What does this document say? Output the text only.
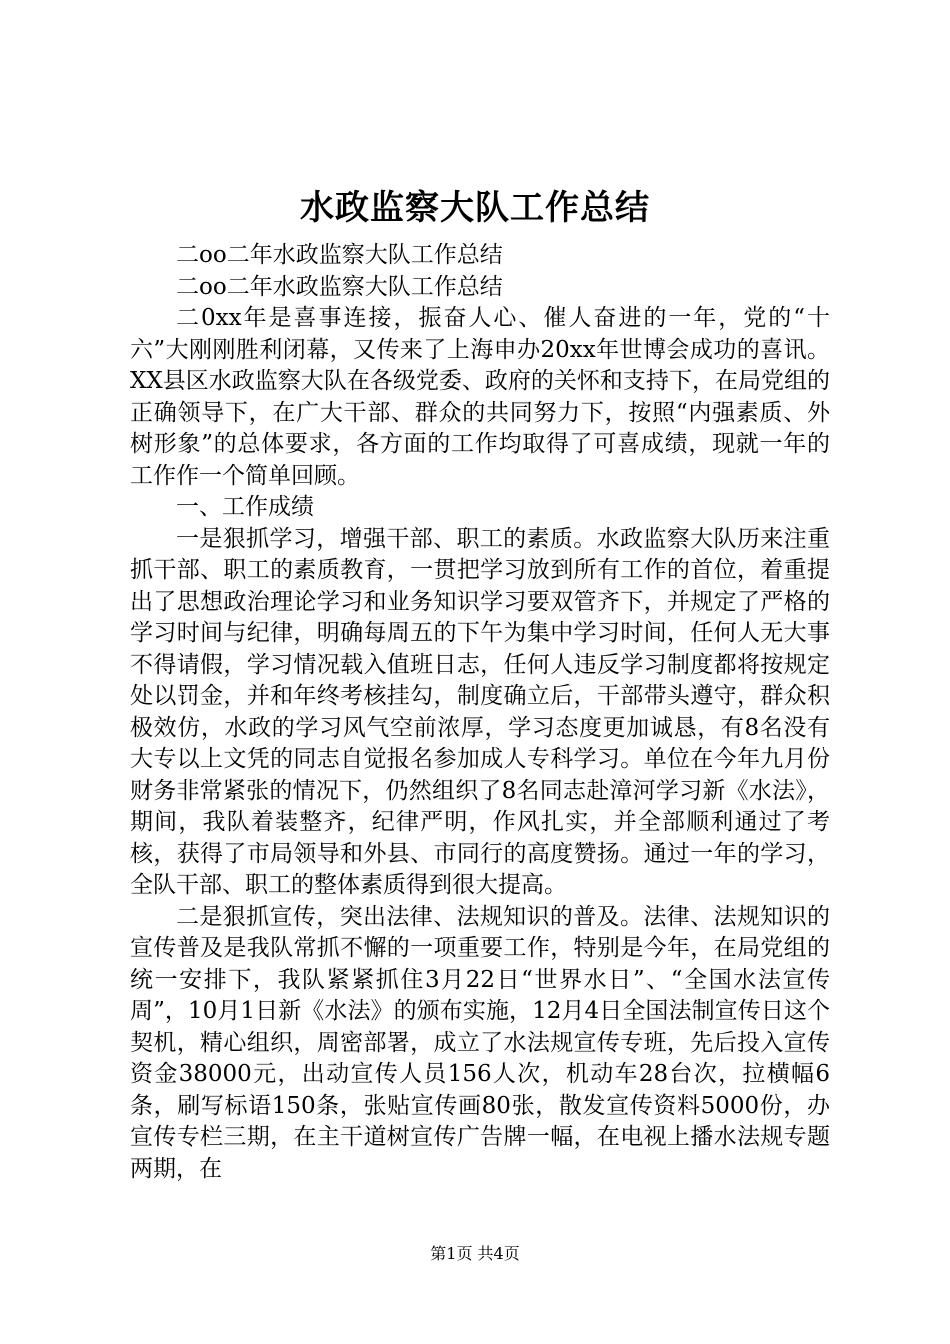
水政监察大队工作总结

二oo二年水政监察大队工作总结

二oo二年水政监察大队工作总结

二0xx年是喜事连接，振奋人心、催人奋进的一年，党的“十六”大刚刚胜利闭幕，又传来了上海申办20xx年世博会成功的喜讯。XX县区水政监察大队在各级党委、政府的关怀和支持下，在局党组的正确领导下，在广大干部、群众的共同努力下，按照“内强素质、外树形象”的总体要求，各方面的工作均取得了可喜成绩，现就一年的工作作一个简单回顾。

一、工作成绩

一是狠抓学习，增强干部、职工的素质。水政监察大队历来注重抓干部、职工的素质教育，一贯把学习放到所有工作的首位，着重提出了思想政治理论学习和业务知识学习要双管齐下，并规定了严格的学习时间与纪律，明确每周五的下午为集中学习时间，任何人无大事不得请假，学习情况载入值班日志，任何人违反学习制度都将按规定处以罚金，并和年终考核挂勾，制度确立后，干部带头遵守，群众积极效仿，水政的学习风气空前浓厚，学习态度更加诚恳，有8名没有大专以上文凭的同志自觉报名参加成人专科学习。单位在今年九月份财务非常紧张的情况下，仍然组织了8名同志赴漳河学习新《水法》，期间，我队着装整齐，纪律严明，作风扎实，并全部顺利通过了考核，获得了市局领导和外县、市同行的高度赞扬。通过一年的学习，全队干部、职工的整体素质得到很大提高。

二是狠抓宣传，突出法律、法规知识的普及。法律、法规知识的宣传普及是我队常抓不懈的一项重要工作，特别是今年，在局党组的统一安排下，我队紧紧抓住3月22日“世界水日”、“全国水法宣传周”，10月1日新《水法》的颁布实施，12月4日全国法制宣传日这个契机，精心组织，周密部署，成立了水法规宣传专班，先后投入宣传资金38000元，出动宣传人员156人次，机动车28台次，拉横幅6条，刷写标语150条，张贴宣传画80张，散发宣传资料5000份，办宣传专栏三期，在主干道树宣传广告牌一幅，在电视上播水法规专题两期，在

第1页 共4页
